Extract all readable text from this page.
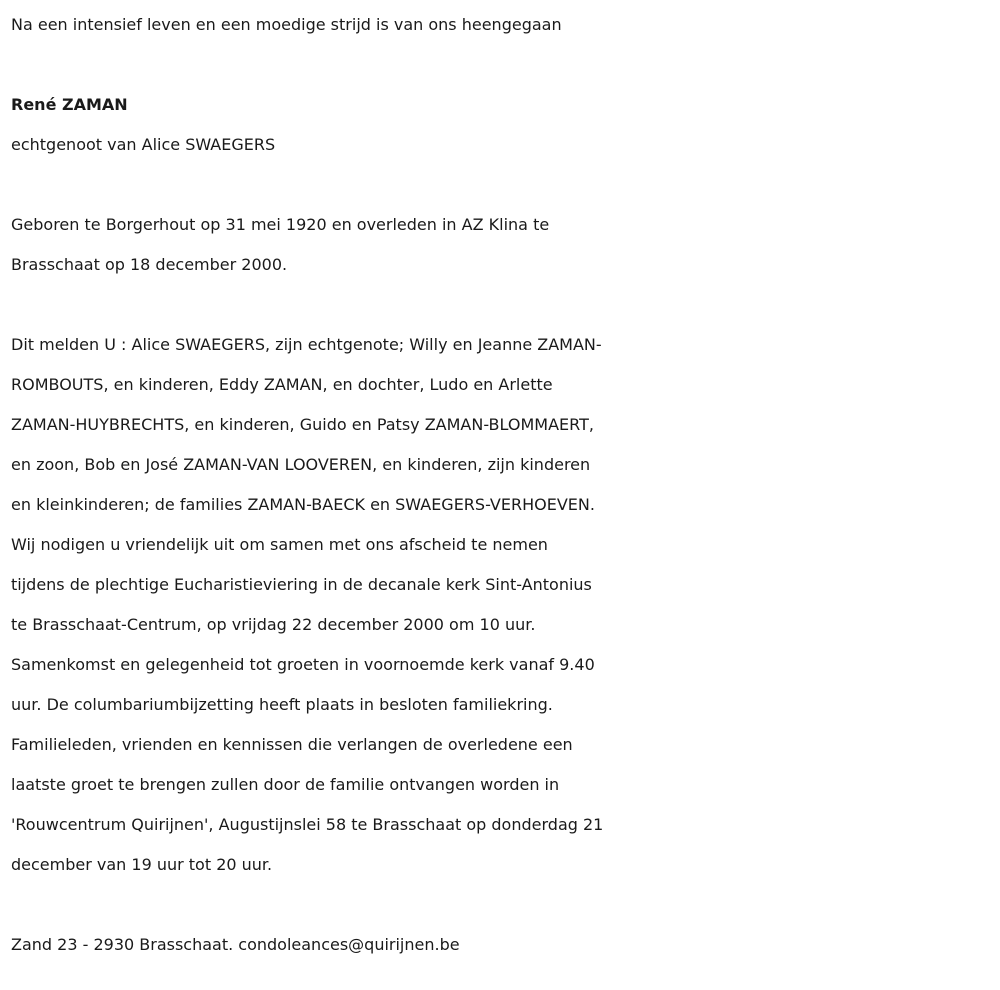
Na een intensief leven en een moedige strijd is van ons heengegaan
René ZAMAN
echtgenoot van Alice SWAEGERS
Geboren te Borgerhout op 31 mei 1920 en overleden in AZ Klina te
Brasschaat op 18 december 2000.
Dit melden U : Alice SWAEGERS, zijn echtgenote; Willy en Jeanne ZAMAN-
ROMBOUTS, en kinderen, Eddy ZAMAN, en dochter, Ludo en Arlette
ZAMAN-HUYBRECHTS, en kinderen, Guido en Patsy ZAMAN-BLOMMAERT,
en zoon, Bob en José ZAMAN-VAN LOOVEREN, en kinderen, zijn kinderen
en kleinkinderen; de families ZAMAN-BAECK en SWAEGERS-VERHOEVEN.
Wij nodigen u vriendelijk uit om samen met ons afscheid te nemen
tijdens de plechtige Eucharistieviering in de decanale kerk Sint-Antonius
te Brasschaat-Centrum, op vrijdag 22 december 2000 om 10 uur.
Samenkomst en gelegenheid tot groeten in voornoemde kerk vanaf 9.40
uur. De columbariumbijzetting heeft plaats in besloten familiekring.
Familieleden, vrienden en kennissen die verlangen de overledene een
laatste groet te brengen zullen door de familie ontvangen worden in
'Rouwcentrum Quirijnen', Augustijnslei 58 te Brasschaat op donderdag 21
december van 19 uur tot 20 uur.
Zand 23 - 2930 Brasschaat. condoleances@quirijnen.be
